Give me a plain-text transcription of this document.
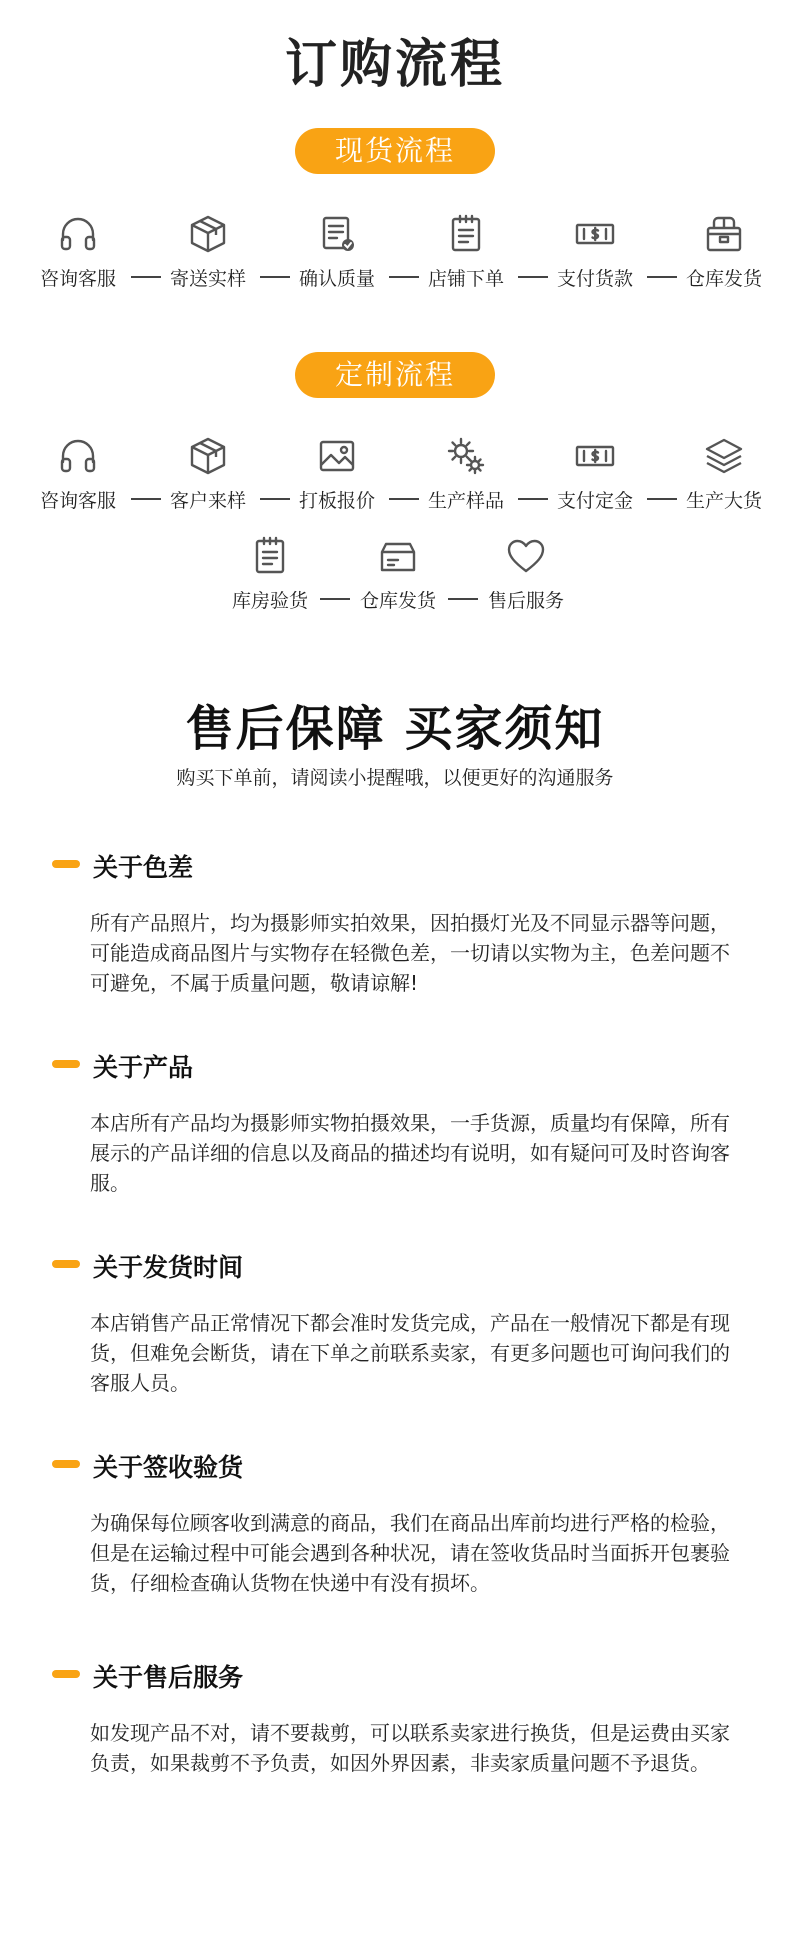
订购流程
现货流程
咨询客服	寄送实样	确认质量	店铺下单	支付货款	仓库发货
定制流程
咨询客服	客户来样	打板报价	生产样品	支付定金	生产大货
库房验货	仓库发货	售后服务
售后保障 买家须知
购买下单前，请阅读小提醒哦，以便更好的沟通服务
关于色差
所有产品照片，均为摄影师实拍效果，因拍摄灯光及不同显示器等问题，可能造成商品图片与实物存在轻微色差，一切请以实物为主，色差问题不可避免，不属于质量问题，敬请谅解!
关于产品
本店所有产品均为摄影师实物拍摄效果，一手货源，质量均有保障，所有展示的产品详细的信息以及商品的描述均有说明，如有疑问可及时咨询客服。
关于发货时间
本店销售产品正常情况下都会准时发货完成，产品在一般情况下都是有现货，但难免会断货，请在下单之前联系卖家，有更多问题也可询问我们的客服人员。
关于签收验货
为确保每位顾客收到满意的商品，我们在商品出库前均进行严格的检验，但是在运输过程中可能会遇到各种状况，请在签收货品时当面拆开包裹验货，仔细检查确认货物在快递中有没有损坏。
关于售后服务
如发现产品不对，请不要裁剪，可以联系卖家进行换货，但是运费由买家负责，如果裁剪不予负责，如因外界因素，非卖家质量问题不予退货。
